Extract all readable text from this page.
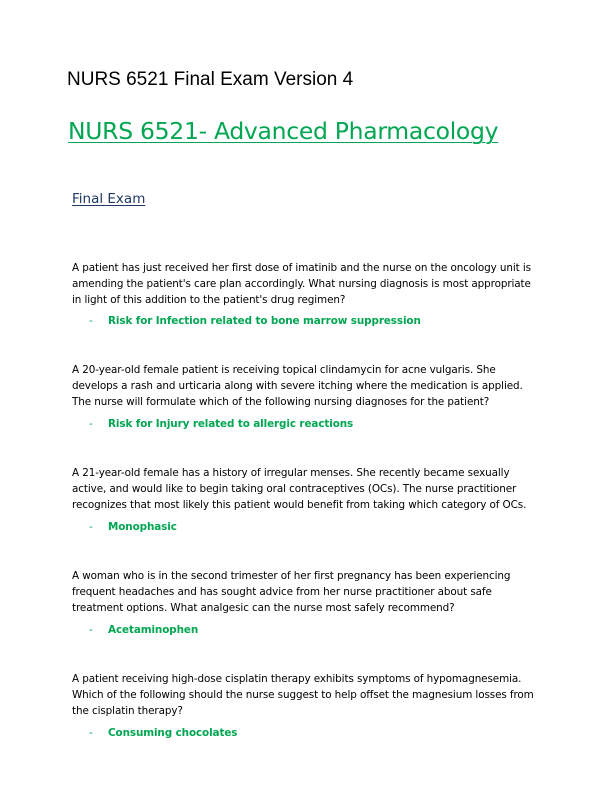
NURS 6521 Final Exam Version 4
NURS 6521- Advanced Pharmacology
Final Exam
A patient has just received her first dose of imatinib and the nurse on the oncology unit is amending the patient's care plan accordingly. What nursing diagnosis is most appropriate in light of this addition to the patient's drug regimen?
- Risk for Infection related to bone marrow suppression
A 20-year-old female patient is receiving topical clindamycin for acne vulgaris. She develops a rash and urticaria along with severe itching where the medication is applied. The nurse will formulate which of the following nursing diagnoses for the patient?
- Risk for Injury related to allergic reactions
A 21-year-old female has a history of irregular menses. She recently became sexually active, and would like to begin taking oral contraceptives (OCs). The nurse practitioner recognizes that most likely this patient would benefit from taking which category of OCs.
- Monophasic
A woman who is in the second trimester of her first pregnancy has been experiencing frequent headaches and has sought advice from her nurse practitioner about safe treatment options. What analgesic can the nurse most safely recommend?
- Acetaminophen
A patient receiving high-dose cisplatin therapy exhibits symptoms of hypomagnesemia. Which of the following should the nurse suggest to help offset the magnesium losses from the cisplatin therapy?
- Consuming chocolates
